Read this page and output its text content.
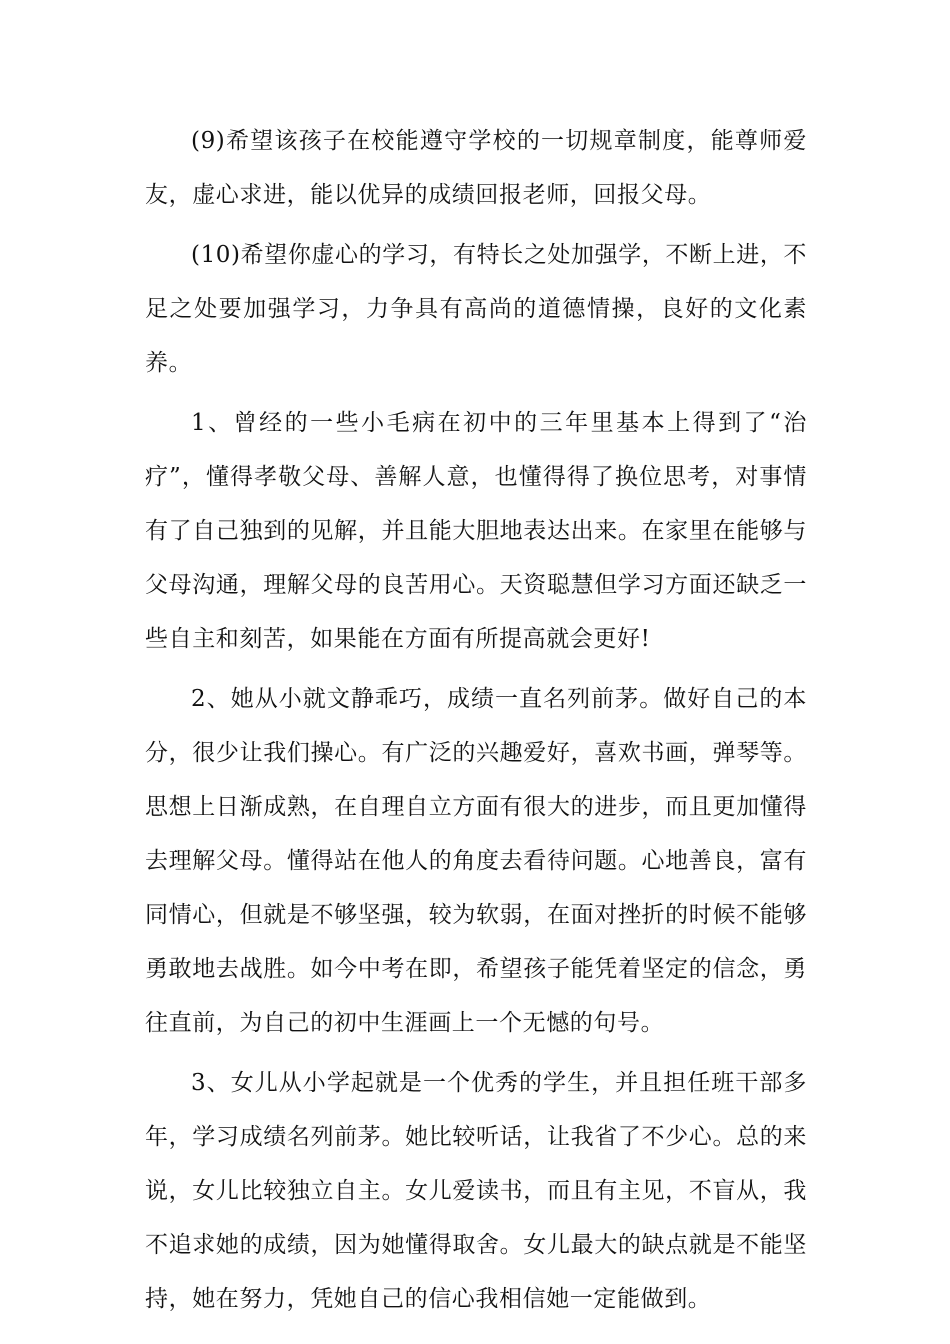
(9)希望该孩子在校能遵守学校的一切规章制度，能尊师爱友，虚心求进，能以优异的成绩回报老师，回报父母。

(10)希望你虚心的学习，有特长之处加强学，不断上进，不足之处要加强学习，力争具有高尚的道德情操，良好的文化素养。

1、曾经的一些小毛病在初中的三年里基本上得到了“治疗”，懂得孝敬父母、善解人意，也懂得得了换位思考，对事情有了自己独到的见解，并且能大胆地表达出来。在家里在能够与父母沟通，理解父母的良苦用心。天资聪慧但学习方面还缺乏一些自主和刻苦，如果能在方面有所提高就会更好!

2、她从小就文静乖巧，成绩一直名列前茅。做好自己的本分，很少让我们操心。有广泛的兴趣爱好，喜欢书画，弹琴等。思想上日渐成熟，在自理自立方面有很大的进步，而且更加懂得去理解父母。懂得站在他人的角度去看待问题。心地善良，富有同情心，但就是不够坚强，较为软弱，在面对挫折的时候不能够勇敢地去战胜。如今中考在即，希望孩子能凭着坚定的信念，勇往直前，为自己的初中生涯画上一个无憾的句号。

3、女儿从小学起就是一个优秀的学生，并且担任班干部多年，学习成绩名列前茅。她比较听话，让我省了不少心。总的来说，女儿比较独立自主。女儿爱读书，而且有主见，不盲从，我不追求她的成绩，因为她懂得取舍。女儿最大的缺点就是不能坚持，她在努力，凭她自己的信心我相信她一定能做到。
